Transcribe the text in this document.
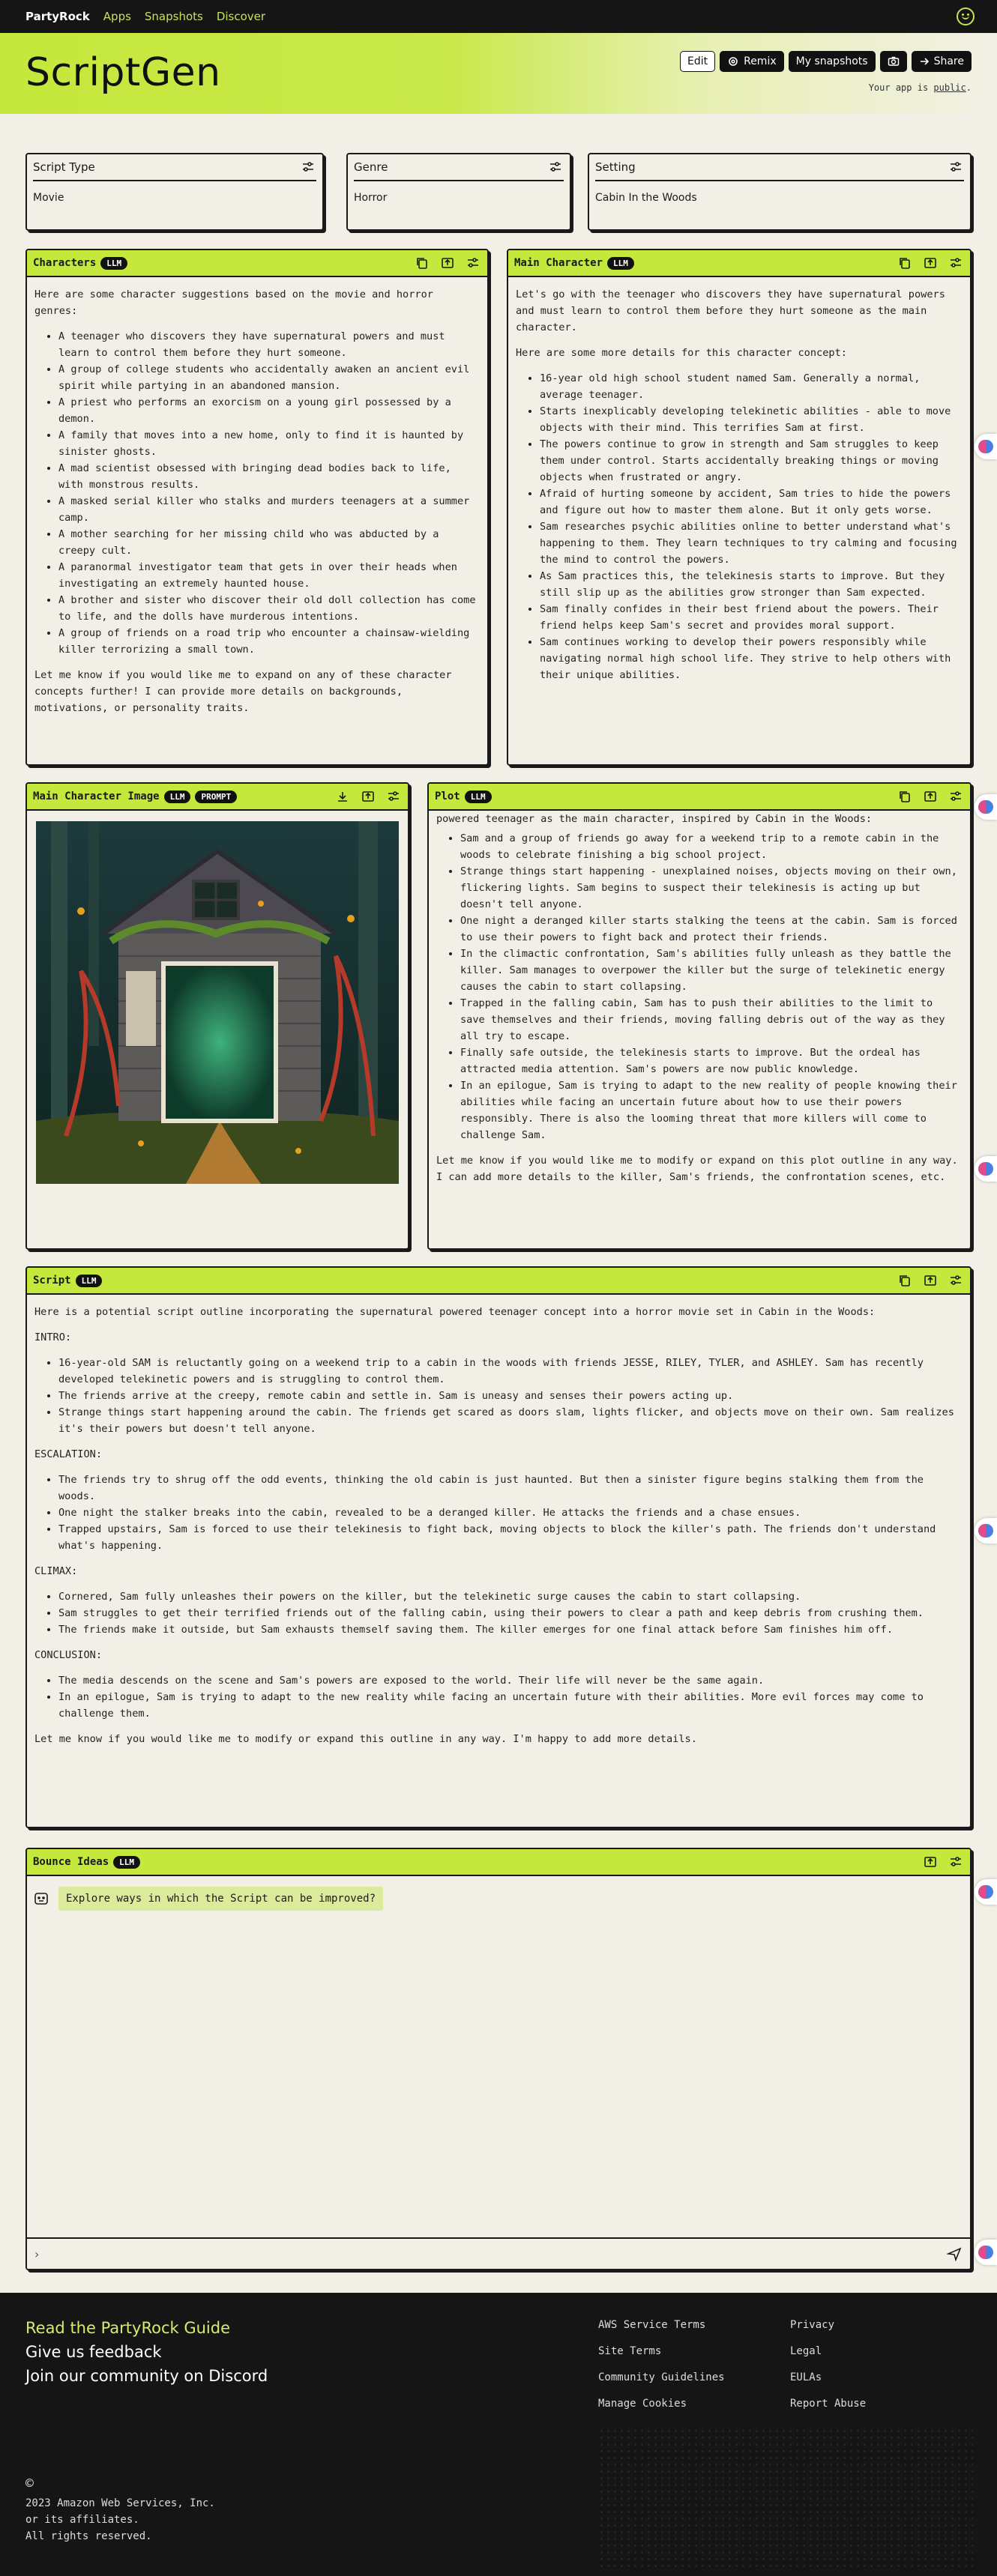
PartyRock Apps Snapshots Discover
ScriptGen	Edit	Remix My snapshots	Share
Your app is public.
Script Type
Movie
Genre
Horror
Setting
Cabin In the Woods
Characters	LLM

Here are some character suggestions based on the movie and horror genres:

• A teenager who discovers they have supernatural powers and must learn to control them before they hurt someone.
• A group of college students who accidentally awaken an ancient evil spirit while partying in an abandoned mansion.
• A priest who performs an exorcism on a young girl possessed by a demon.
• A family that moves into a new home, only to find it is haunted by sinister ghosts.
• A mad scientist obsessed with bringing dead bodies back to life, with monstrous results.
• A masked serial killer who stalks and murders teenagers at a summer camp.
• A mother searching for her missing child who was abducted by a creepy cult.
• A paranormal investigator team that gets in over their heads when investigating an extremely haunted house.
• A brother and sister who discover their old doll collection has come to life, and the dolls have murderous intentions.
• A group of friends on a road trip who encounter a chainsaw-wielding killer terrorizing a small town.

Let me know if you would like me to expand on any of these character concepts further! I can provide more details on backgrounds, motivations, or personality traits.

Main Character	LLM

Let's go with the teenager who discovers they have supernatural powers and must learn to control them before they hurt someone as the main character.

Here are some more details for this character concept:

• 16-year old high school student named Sam. Generally a normal, average teenager.
• Starts inexplicably developing telekinetic abilities - able to move objects with their mind. This terrifies Sam at first.
• The powers continue to grow in strength and Sam struggles to keep them under control. Starts accidentally breaking things or moving objects when frustrated or angry.
• Afraid of hurting someone by accident, Sam tries to hide the powers and figure out how to master them alone. But it only gets worse.
• Sam researches psychic abilities online to better understand what's happening to them. They learn techniques to try calming and focusing the mind to control the powers.
• As Sam practices this, the telekinesis starts to improve. But they still slip up as the abilities grow stronger than Sam expected.
• Sam finally confides in their best friend about the powers. Their friend helps keep Sam's secret and provides moral support.
• Sam continues working to develop their powers responsibly while navigating normal high school life. They strive to help others with their unique abilities.
Main Character Image	LLM	PROMPT	Plot	LLM

powered teenager as the main character, inspired by Cabin in the Woods:

• Sam and a group of friends go away for a weekend trip to a remote cabin in the woods to celebrate finishing a big school project.
• Strange things start happening - unexplained noises, objects moving on their own, flickering lights. Sam begins to suspect their telekinesis is acting up but doesn't tell anyone.
• One night a deranged killer starts stalking the teens at the cabin. Sam is forced to use their powers to fight back and protect their friends.
• In the climactic confrontation, Sam's abilities fully unleash as they battle the killer. Sam manages to overpower the killer but the surge of telekinetic energy causes the cabin to start collapsing.
• Trapped in the falling cabin, Sam has to push their abilities to the limit to save themselves and their friends, moving falling debris out of the way as they all try to escape.
• Finally safe outside, the telekinesis starts to improve. But the ordeal has attracted media attention. Sam's powers are now public knowledge.
• In an epilogue, Sam is trying to adapt to the new reality of people knowing their abilities while facing an uncertain future about how to use their powers responsibly. There is also the looming threat that more killers will come to challenge Sam.

Let me know if you would like me to modify or expand on this plot outline in any way. I can add more details to the killer, Sam's friends, the confrontation scenes, etc.

Script	LLM

Here is a potential script outline incorporating the supernatural powered teenager concept into a horror movie set in Cabin in the Woods:

INTRO:

• 16-year-old SAM is reluctantly going on a weekend trip to a cabin in the woods with friends JESSE, RILEY, TYLER, and ASHLEY. Sam has recently developed telekinetic powers and is struggling to control them.
• The friends arrive at the creepy, remote cabin and settle in. Sam is uneasy and senses their powers acting up.
• Strange things start happening around the cabin. The friends get scared as doors slam, lights flicker, and objects move on their own. Sam realizes it's their powers but doesn't tell anyone.

ESCALATION:

• The friends try to shrug off the odd events, thinking the old cabin is just haunted. But then a sinister figure begins stalking them from the woods.
• One night the stalker breaks into the cabin, revealed to be a deranged killer. He attacks the friends and a chase ensues.
• Trapped upstairs, Sam is forced to use their telekinesis to fight back, moving objects to block the killer's path. The friends don't understand what's happening.

CLIMAX:

• Cornered, Sam fully unleashes their powers on the killer, but the telekinetic surge causes the cabin to start collapsing.
• Sam struggles to get their terrified friends out of the falling cabin, using their powers to clear a path and keep debris from crushing them.
• The friends make it outside, but Sam exhausts themself saving them. The killer emerges for one final attack before Sam finishes him off.

CONCLUSION:

• The media descends on the scene and Sam's powers are exposed to the world. Their life will never be the same again.
• In an epilogue, Sam is trying to adapt to the new reality while facing an uncertain future with their abilities. More evil forces may come to challenge them.

Let me know if you would like me to modify or expand this outline in any way. I'm happy to add more details.

Bounce Ideas	LLM
Explore ways in which the Script can be improved?
›
Read the PartyRock Guide
Give us feedback
Join our community on Discord
AWS Service Terms
Site Terms
Community Guidelines
Manage Cookies
Privacy
Legal
EULAs
Report Abuse
©
2023 Amazon Web Services, Inc.
or its affiliates.
All rights reserved.
